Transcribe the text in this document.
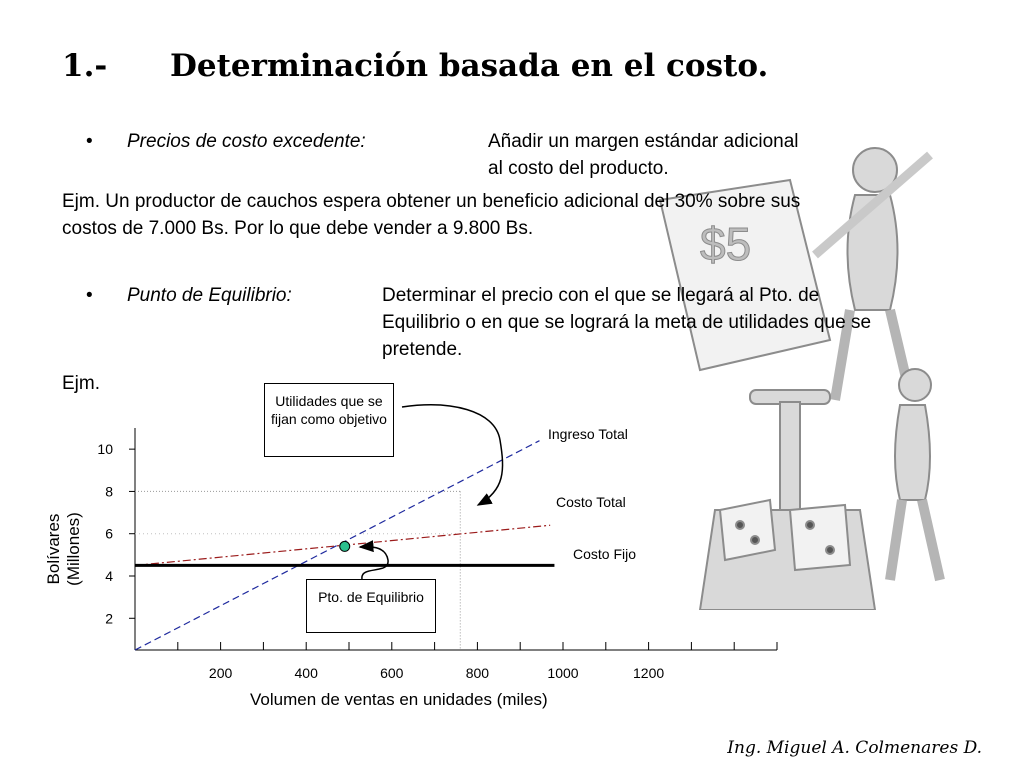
1.- Determinación basada en el costo.
$5
• Precios de costo excedente:	Añadir un margen estándar adicional
al costo del producto.
Ejm. Un productor de cauchos espera obtener un beneficio adicional del 30% sobre sus
costos de 7.000 Bs. Por lo que debe vender a 9.800 Bs.
• Punto de Equilibrio:	Determinar el precio con el que se llegará al Pto. de
Equilibrio o en que se logrará la meta de utilidades que se
pretende.
Ejm.
200	400	600	800	1000	1200
2
4
6
8
10
Bolívares (Millones)
Volumen de ventas en unidades (miles)
Ingreso Total
Costo Total
Costo Fijo
Utilidades que se fijan como objetivo
Pto. de Equilibrio
Ing. Miguel A. Colmenares D.
